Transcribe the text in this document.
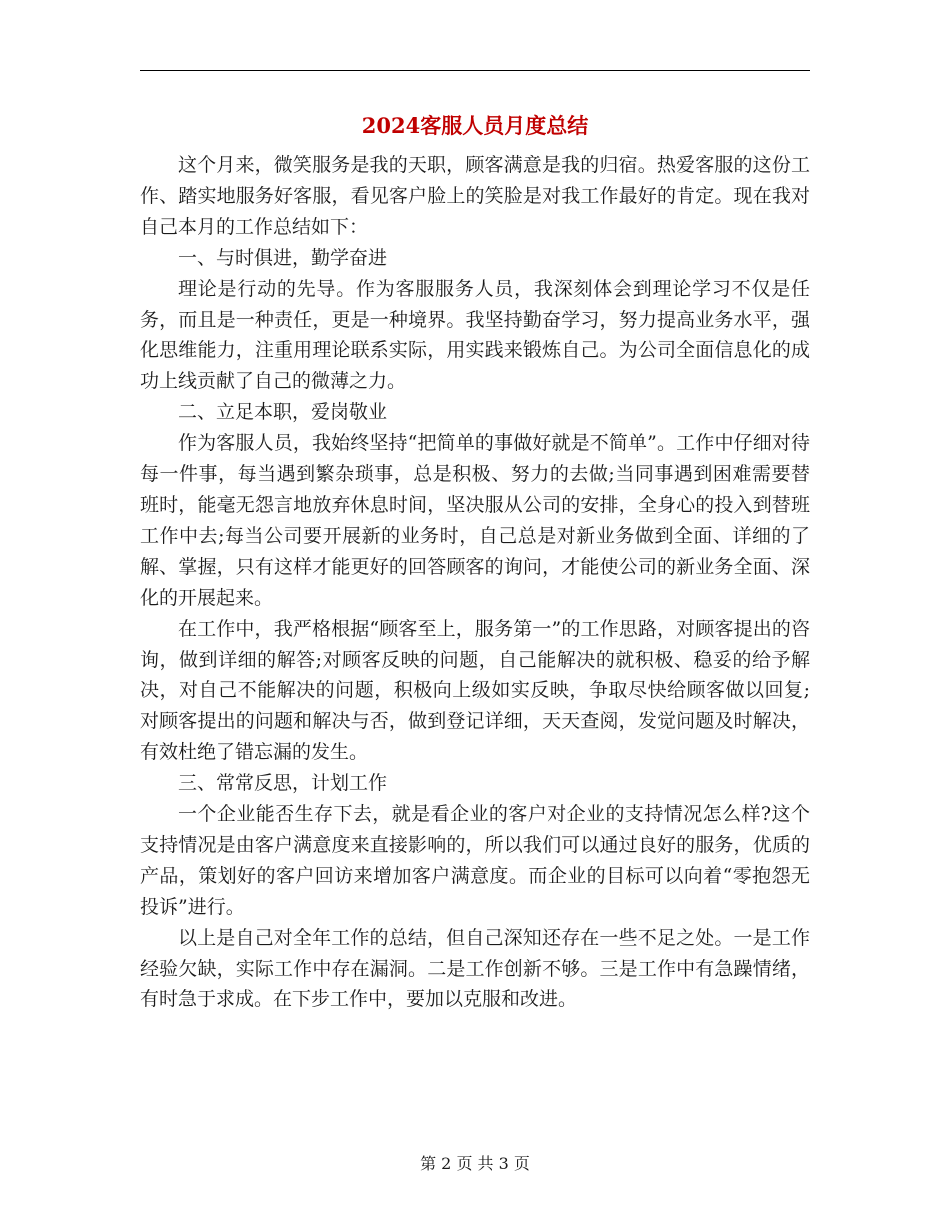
2024客服人员月度总结

这个月来，微笑服务是我的天职，顾客满意是我的归宿。热爱客服的这份工作、踏实地服务好客服，看见客户脸上的笑脸是对我工作最好的肯定。现在我对自己本月的工作总结如下：

一、与时俱进，勤学奋进

理论是行动的先导。作为客服服务人员，我深刻体会到理论学习不仅是任务，而且是一种责任，更是一种境界。我坚持勤奋学习，努力提高业务水平，强化思维能力，注重用理论联系实际，用实践来锻炼自己。为公司全面信息化的成功上线贡献了自己的微薄之力。

二、立足本职，爱岗敬业

作为客服人员，我始终坚持“把简单的事做好就是不简单”。工作中仔细对待每一件事，每当遇到繁杂琐事，总是积极、努力的去做;当同事遇到困难需要替班时，能毫无怨言地放弃休息时间，坚决服从公司的安排，全身心的投入到替班工作中去;每当公司要开展新的业务时，自己总是对新业务做到全面、详细的了解、掌握，只有这样才能更好的回答顾客的询问，才能使公司的新业务全面、深化的开展起来。

在工作中，我严格根据“顾客至上，服务第一”的工作思路，对顾客提出的咨询，做到详细的解答;对顾客反映的问题，自己能解决的就积极、稳妥的给予解决，对自己不能解决的问题，积极向上级如实反映，争取尽快给顾客做以回复;对顾客提出的问题和解决与否，做到登记详细，天天查阅，发觉问题及时解决，有效杜绝了错忘漏的发生。

三、常常反思，计划工作

一个企业能否生存下去，就是看企业的客户对企业的支持情况怎么样?这个支持情况是由客户满意度来直接影响的，所以我们可以通过良好的服务，优质的产品，策划好的客户回访来增加客户满意度。而企业的目标可以向着“零抱怨无投诉”进行。

以上是自己对全年工作的总结，但自己深知还存在一些不足之处。一是工作经验欠缺，实际工作中存在漏洞。二是工作创新不够。三是工作中有急躁情绪，有时急于求成。在下步工作中，要加以克服和改进。

第 2 页 共 3 页
